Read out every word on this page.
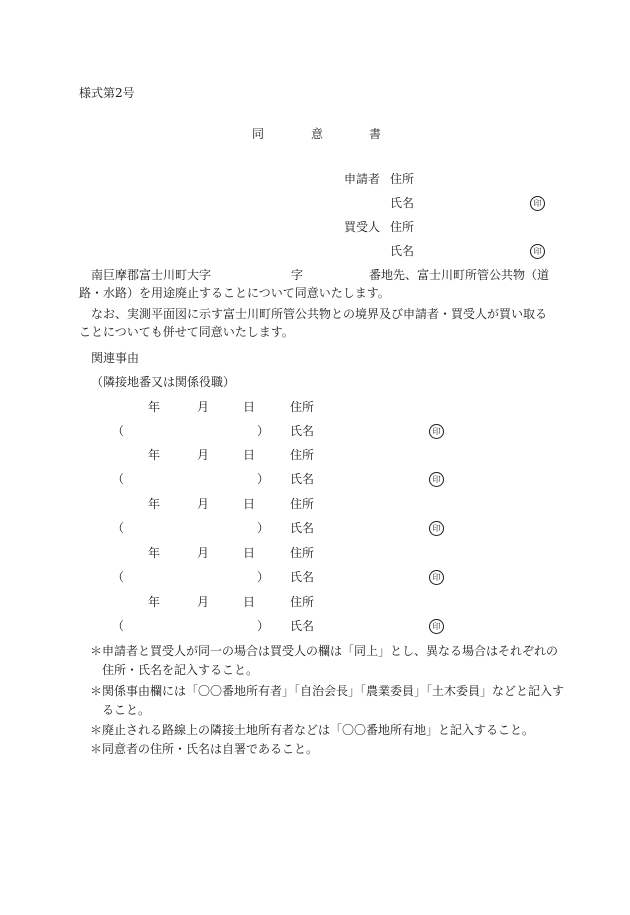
様式第2号
同	意	書
申請者 住所
氏名	印
買受人 住所
氏名	印
南巨摩郡富士川町大字	字	番地先、富士川町所管公共物（道路・水路）を用途廃止することについて同意いたします。
なお、実測平面図に示す富士川町所管公共物との境界及び申請者・買受人が買い取ることについても併せて同意いたします。
関連事由
（隣接地番又は関係役職）
年	月	日	住所
（	） 氏名	印
年	月	日	住所
（	） 氏名	印
年	月	日	住所
（	） 氏名	印
年	月	日	住所
（	） 氏名	印
年	月	日	住所
（	） 氏名	印
＊申請者と買受人が同一の場合は買受人の欄は「同上」とし、異なる場合はそれぞれの住所・氏名を記入すること。
＊関係事由欄には「〇〇番地所有者」「自治会長」「農業委員」「土木委員」などと記入すること。
＊廃止される路線上の隣接土地所有者などは「〇〇番地所有地」と記入すること。
＊同意者の住所・氏名は自署であること。
